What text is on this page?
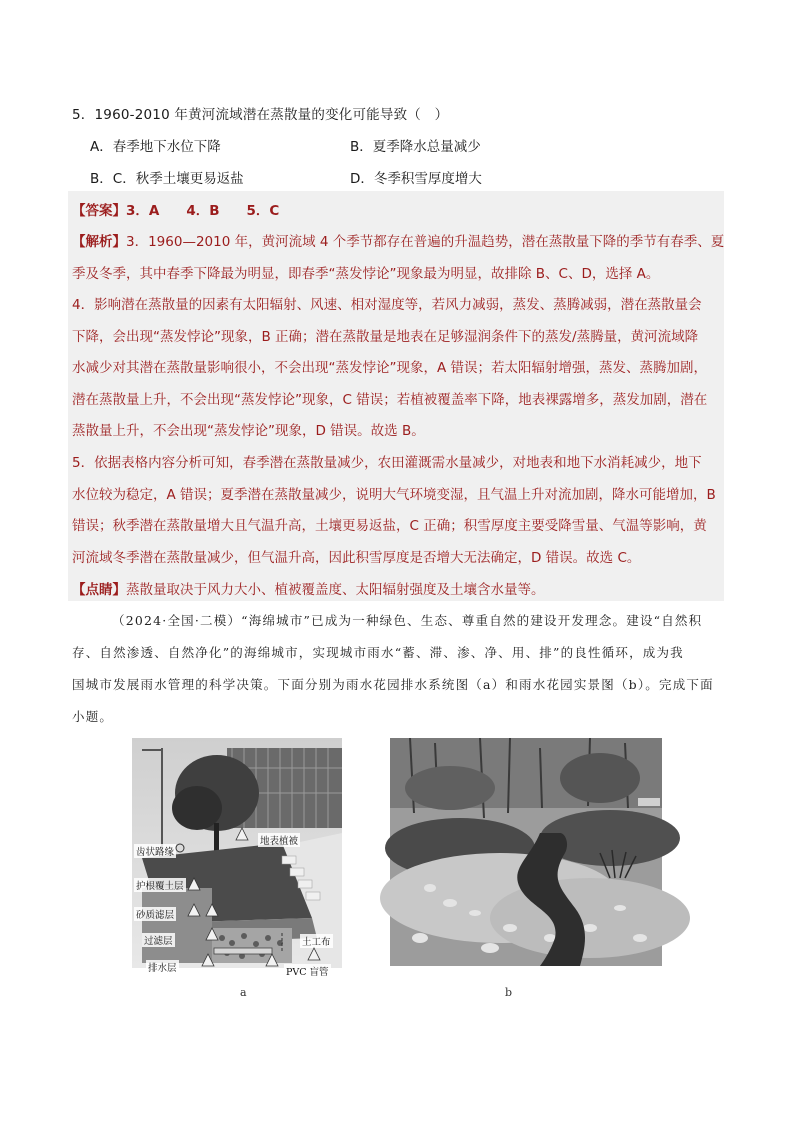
5．1960-2010 年黄河流域潜在蒸散量的变化可能导致（　）
A．春季地下水位下降	B．夏季降水总量减少
B．C．秋季土壤更易返盐	D．冬季积雪厚度增大
【答案】3．A　　4．B　　5．C
【解析】3．1960—2010 年，黄河流域 4 个季节都存在普遍的升温趋势，潜在蒸散量下降的季节有春季、夏
季及冬季，其中春季下降最为明显，即春季“蒸发悖论”现象最为明显，故排除 B、C、D，选择 A。
4．影响潜在蒸散量的因素有太阳辐射、风速、相对湿度等，若风力减弱，蒸发、蒸腾减弱，潜在蒸散量会
下降，会出现“蒸发悖论”现象，B 正确；潜在蒸散量是地表在足够湿润条件下的蒸发/蒸腾量，黄河流域降
水减少对其潜在蒸散量影响很小，不会出现“蒸发悖论”现象，A 错误；若太阳辐射增强，蒸发、蒸腾加剧，
潜在蒸散量上升，不会出现“蒸发悖论”现象，C 错误；若植被覆盖率下降，地表裸露增多，蒸发加剧，潜在
蒸散量上升，不会出现“蒸发悖论”现象，D 错误。故选 B。
5．依据表格内容分析可知，春季潜在蒸散量减少，农田灌溉需水量减少，对地表和地下水消耗减少，地下
水位较为稳定，A 错误；夏季潜在蒸散量减少，说明大气环境变湿，且气温上升对流加剧，降水可能增加，B
错误；秋季潜在蒸散量增大且气温升高，土壤更易返盐，C 正确；积雪厚度主要受降雪量、气温等影响，黄
河流域冬季潜在蒸散量减少，但气温升高，因此积雪厚度是否增大无法确定，D 错误。故选 C。
【点睛】蒸散量取决于风力大小、植被覆盖度、太阳辐射强度及土壤含水量等。
（2024·全国·二模）“海绵城市”已成为一种绿色、生态、尊重自然的建设开发理念。建设“自然积
存、自然渗透、自然净化”的海绵城市，实现城市雨水“蓄、滞、渗、净、用、排”的良性循环，成为我
国城市发展雨水管理的科学决策。下面分别为雨水花园排水系统图（a）和雨水花园实景图（b）。完成下面
小题。
齿状路缘
地表植被
护根覆土层
砂质滤层
过滤层
排水层
土工布
PVC 盲管
a	b
